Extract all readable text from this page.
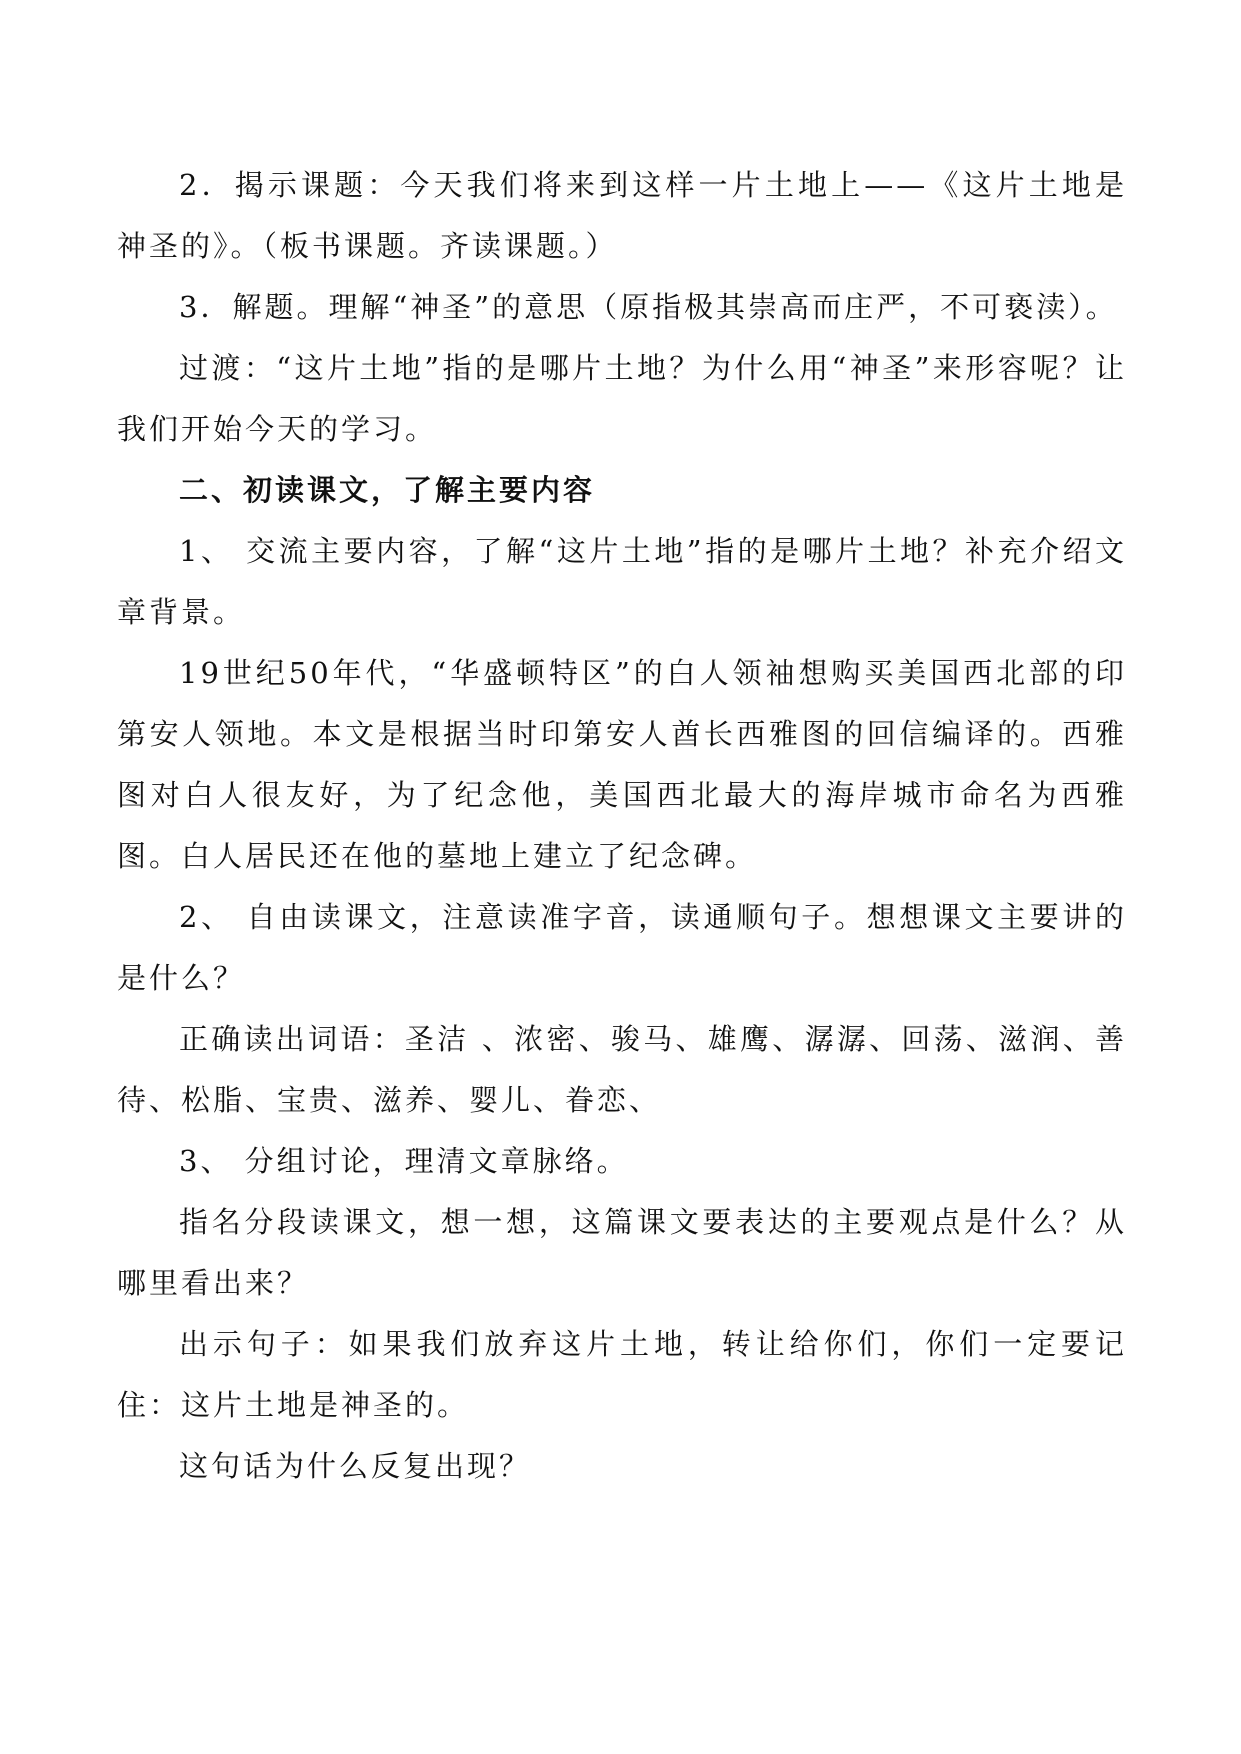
2．揭示课题：今天我们将来到这样一片土地上——《这片土地是神圣的》。（板书课题。齐读课题。）

3．解题。理解“神圣”的意思（原指极其崇高而庄严，不可亵渎）。

过渡：“这片土地”指的是哪片土地？为什么用“神圣”来形容呢？让我们开始今天的学习。

二、初读课文，了解主要内容

1、 交流主要内容，了解“这片土地”指的是哪片土地？补充介绍文章背景。

19世纪50年代，“华盛顿特区”的白人领袖想购买美国西北部的印第安人领地。本文是根据当时印第安人酋长西雅图的回信编译的。西雅图对白人很友好，为了纪念他，美国西北最大的海岸城市命名为西雅图。白人居民还在他的墓地上建立了纪念碑。

2、 自由读课文，注意读准字音，读通顺句子。想想课文主要讲的是什么？

正确读出词语：圣洁 、浓密、骏马、雄鹰、潺潺、回荡、滋润、善待、松脂、宝贵、滋养、婴儿、眷恋、

3、 分组讨论，理清文章脉络。

指名分段读课文，想一想，这篇课文要表达的主要观点是什么？从哪里看出来？

出示句子：如果我们放弃这片土地，转让给你们，你们一定要记住：这片土地是神圣的。

这句话为什么反复出现？
